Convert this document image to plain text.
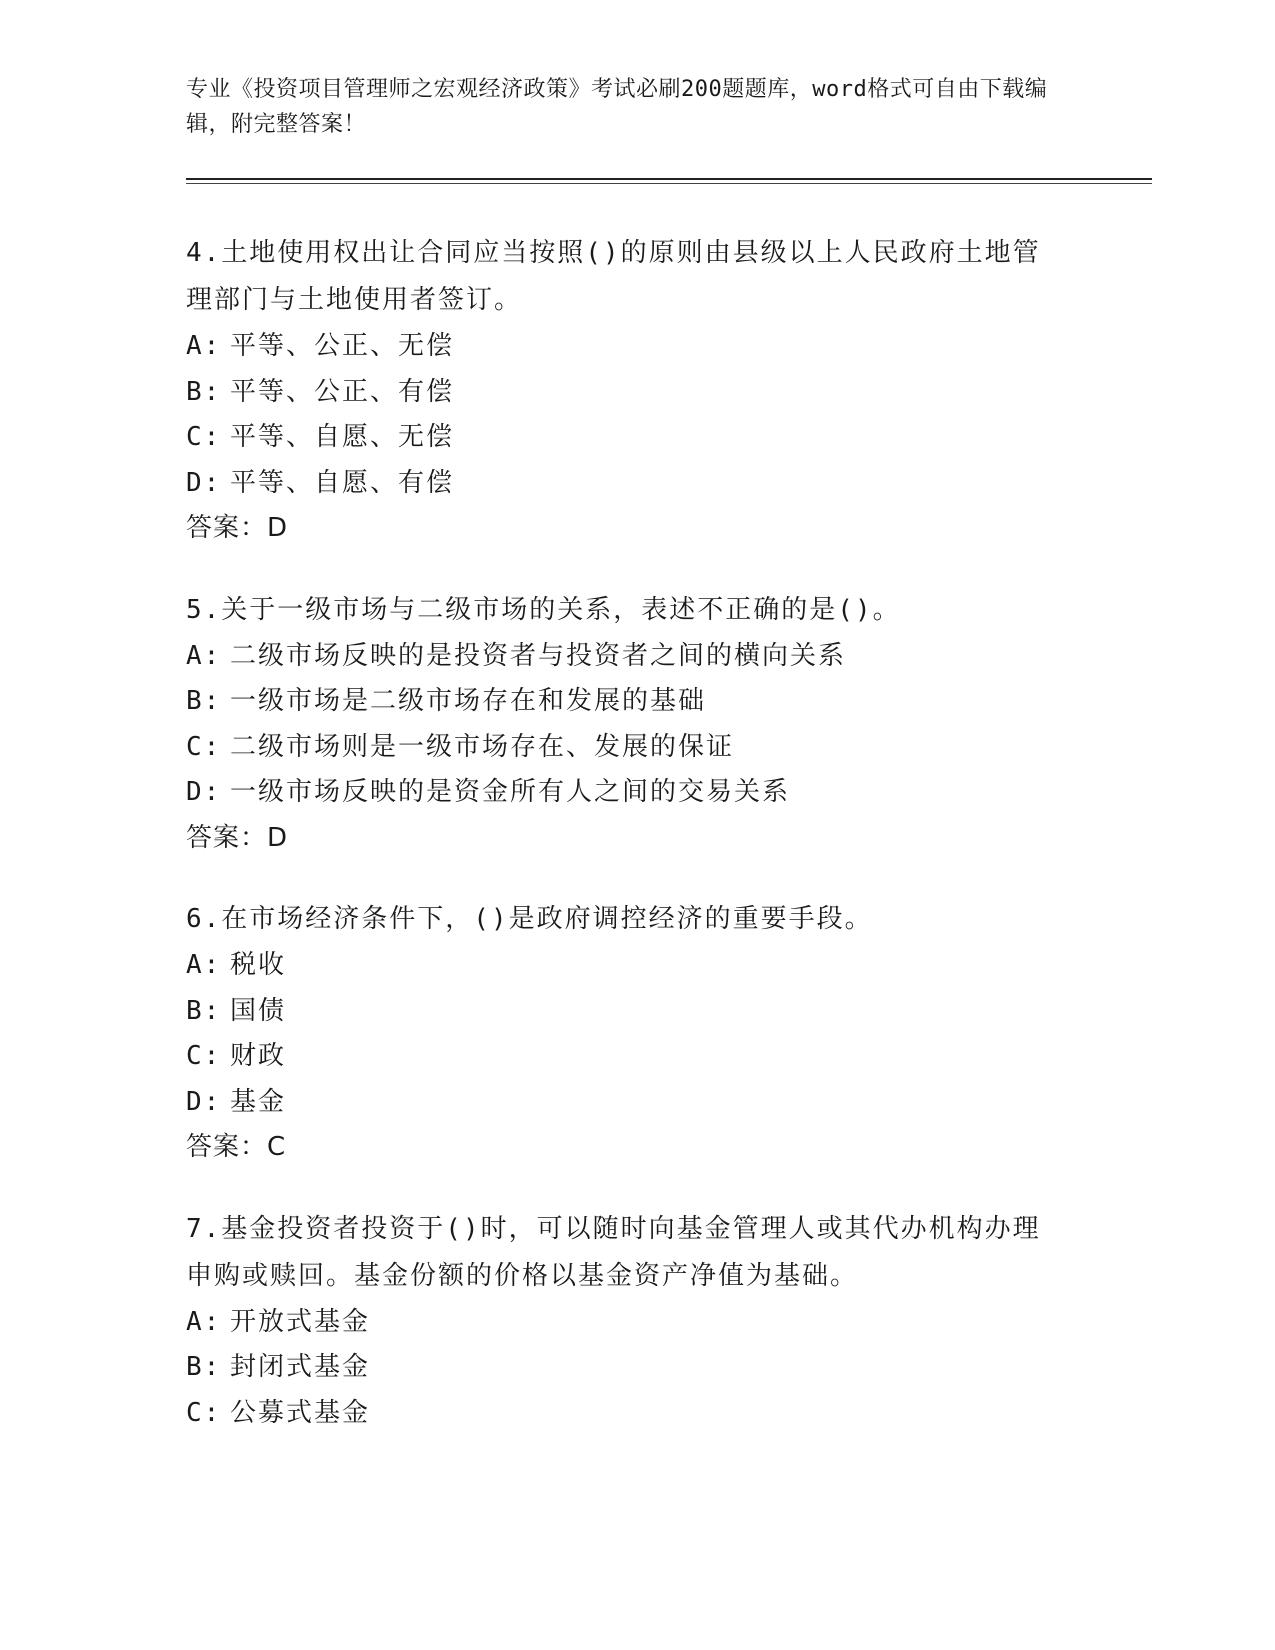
专业《投资项目管理师之宏观经济政策》考试必刷200题题库，word格式可自由下载编辑，附完整答案！

4.土地使用权出让合同应当按照()的原则由县级以上人民政府土地管理部门与土地使用者签订。

A: 平等、公正、无偿

B: 平等、公正、有偿

C: 平等、自愿、无偿

D: 平等、自愿、有偿

答案：D

5.关于一级市场与二级市场的关系，表述不正确的是()。

A: 二级市场反映的是投资者与投资者之间的横向关系

B: 一级市场是二级市场存在和发展的基础

C: 二级市场则是一级市场存在、发展的保证

D: 一级市场反映的是资金所有人之间的交易关系

答案：D

6.在市场经济条件下，()是政府调控经济的重要手段。

A: 税收

B: 国债

C: 财政

D: 基金

答案：C

7.基金投资者投资于()时，可以随时向基金管理人或其代办机构办理申购或赎回。基金份额的价格以基金资产净值为基础。

A: 开放式基金

B: 封闭式基金

C: 公募式基金
